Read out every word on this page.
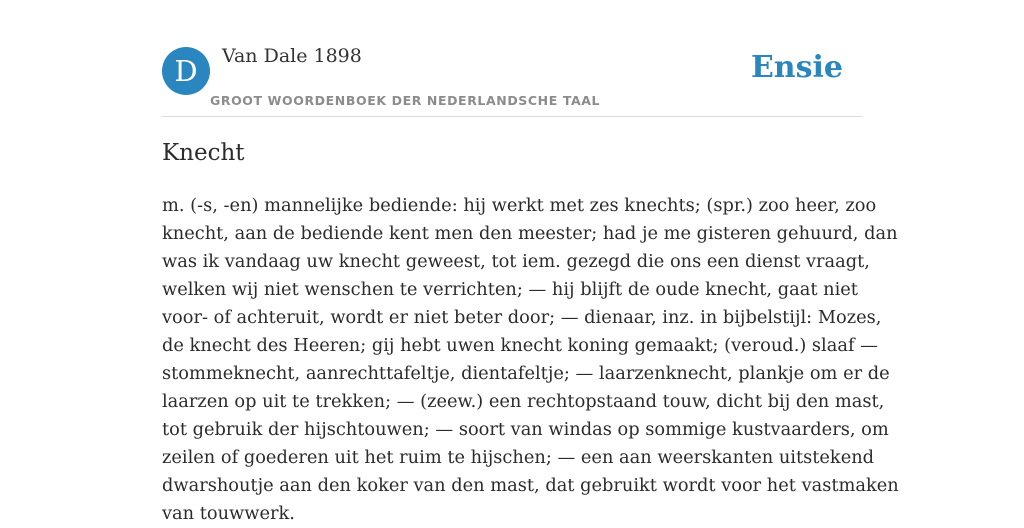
D	Van Dale 1898
GROOT WOORDENBOEK DER NEDERLANDSCHE TAAL
Ensie
Knecht

m. (-s, -en) mannelijke bediende: hij werkt met zes knechts; (spr.) zoo heer, zoo
knecht, aan de bediende kent men den meester; had je me gisteren gehuurd, dan
was ik vandaag uw knecht geweest, tot iem. gezegd die ons een dienst vraagt,
welken wij niet wenschen te verrichten; — hij blijft de oude knecht, gaat niet
voor- of achteruit, wordt er niet beter door; — dienaar, inz. in bijbelstijl: Mozes,
de knecht des Heeren; gij hebt uwen knecht koning gemaakt; (veroud.) slaaf —
stommeknecht, aanrechttafeltje, dientafeltje; — laarzenknecht, plankje om er de
laarzen op uit te trekken; — (zeew.) een rechtopstaand touw, dicht bij den mast,
tot gebruik der hijschtouwen; — soort van windas op sommige kustvaarders, om
zeilen of goederen uit het ruim te hijschen; — een aan weerskanten uitstekend
dwarshoutje aan den koker van den mast, dat gebruikt wordt voor het vastmaken
van touwwerk.
